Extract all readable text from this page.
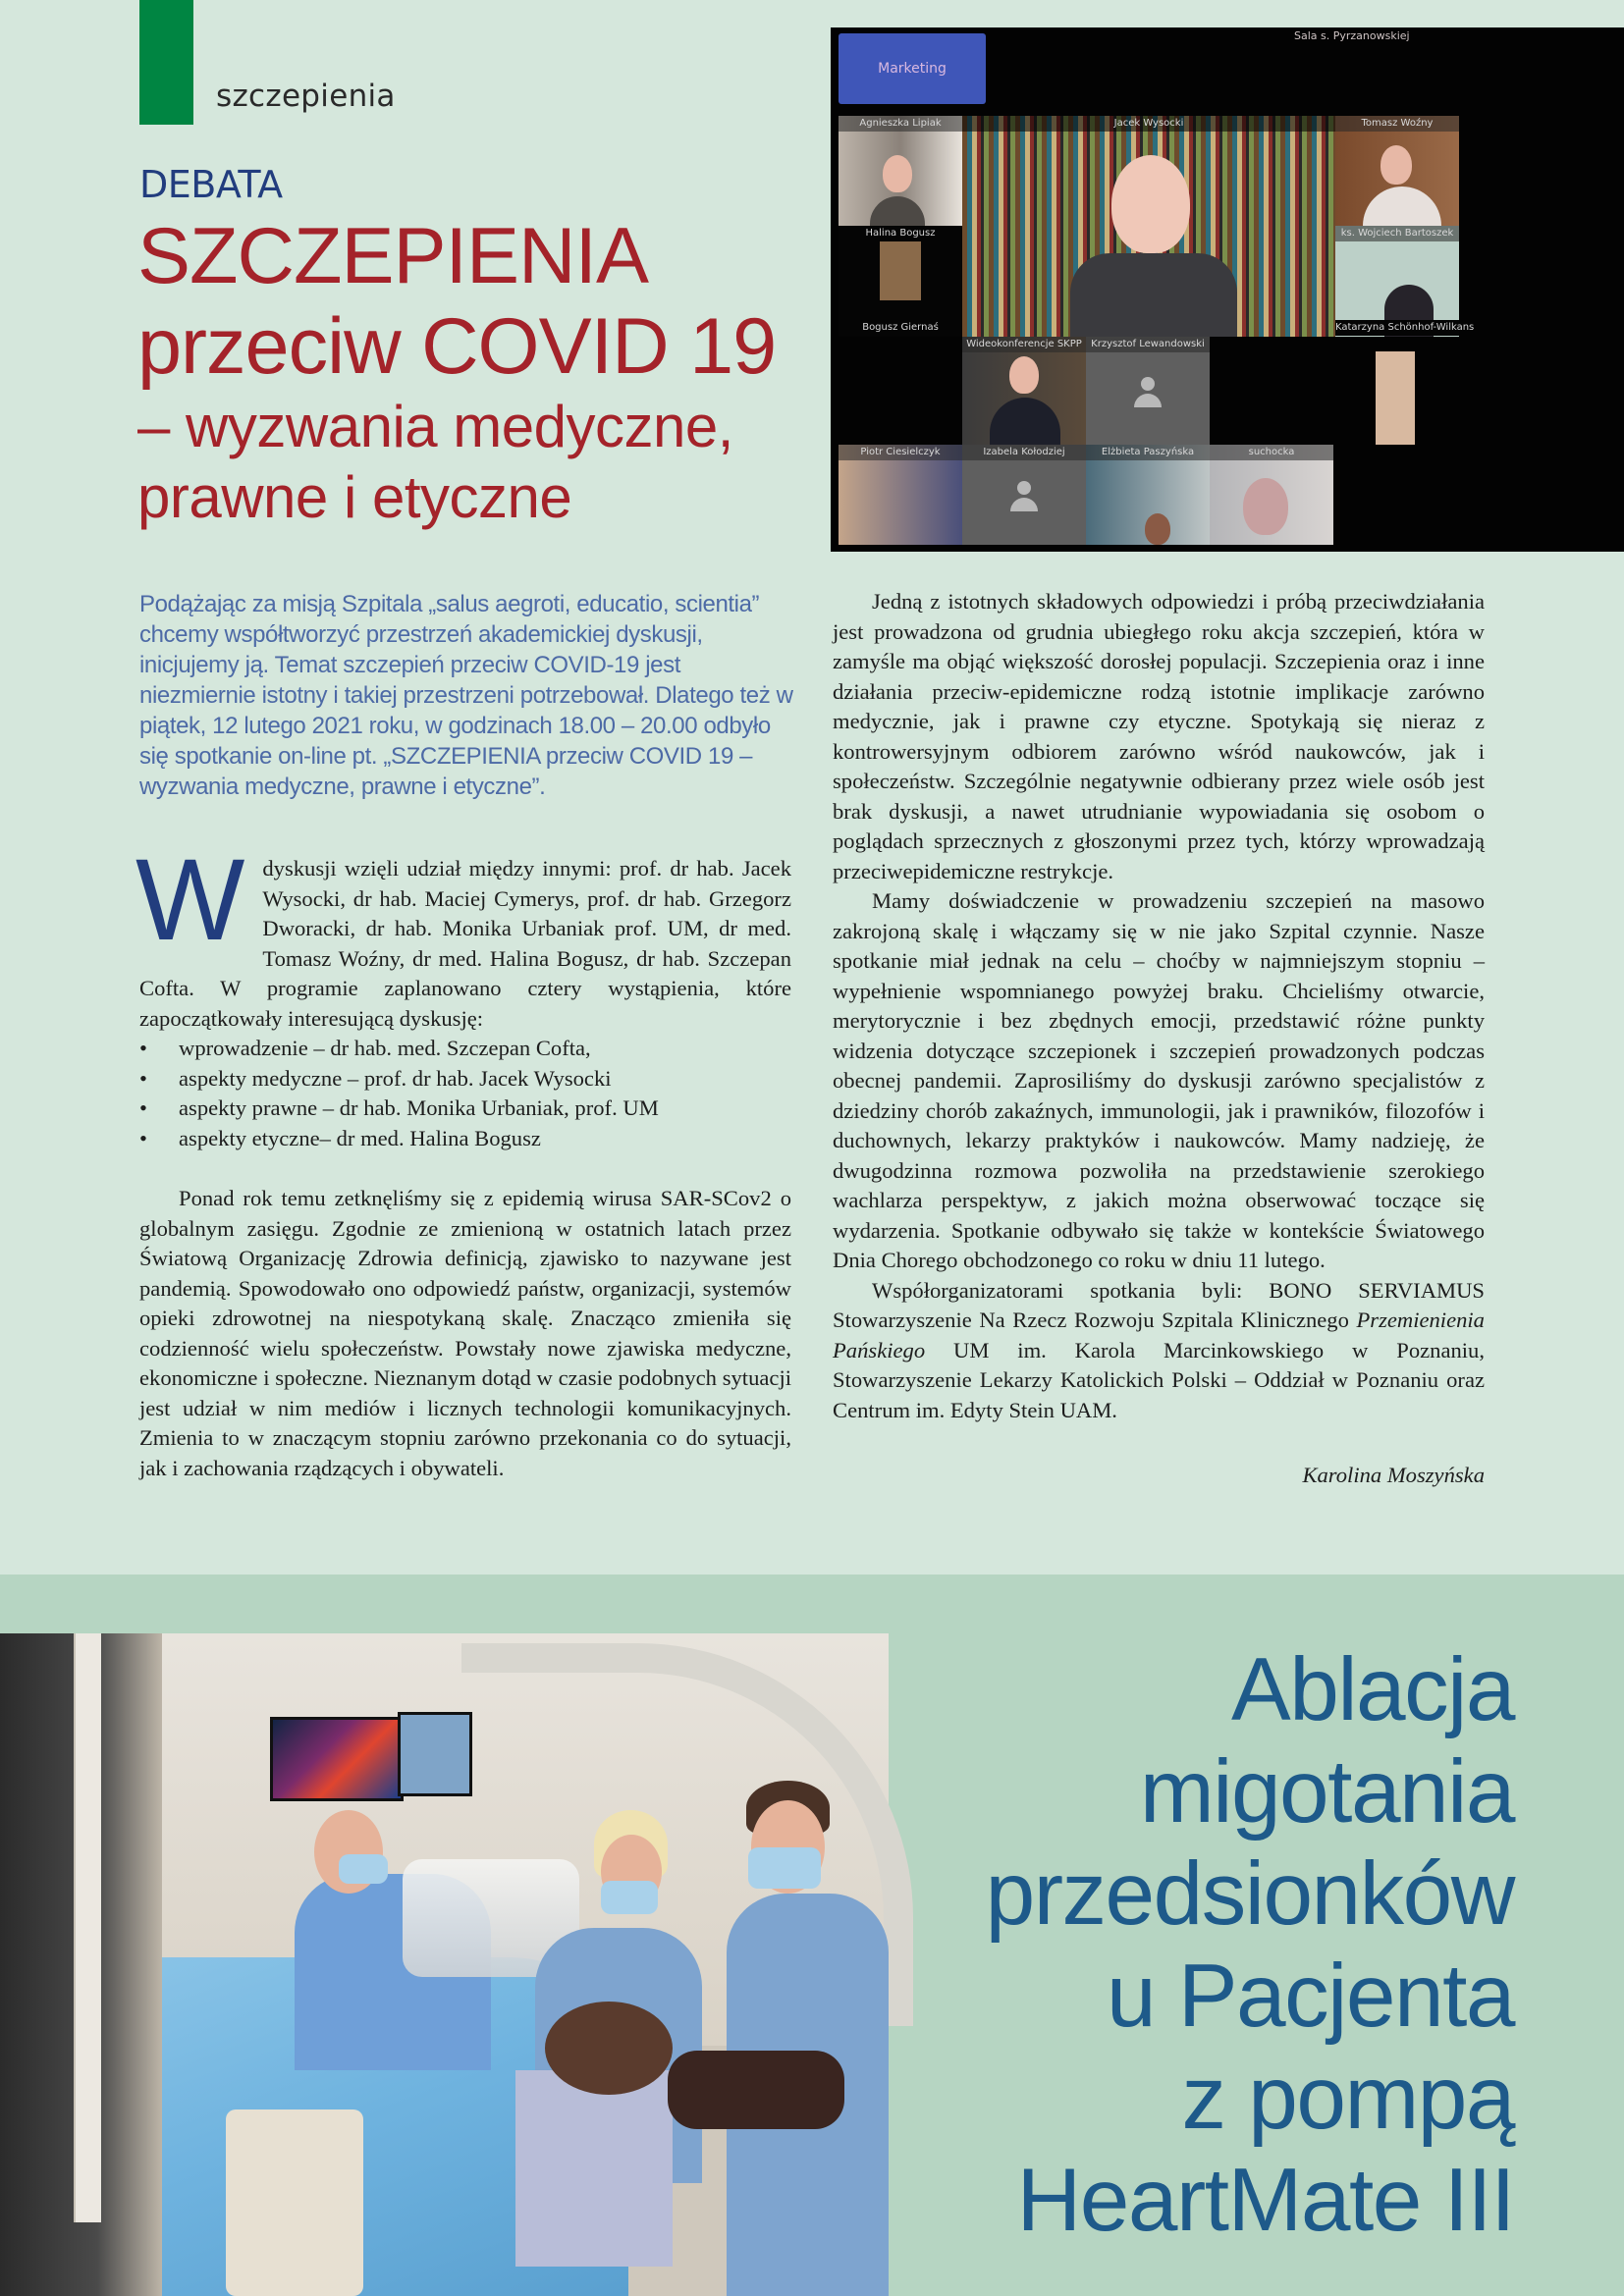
szczepienia
DEBATA
SZCZEPIENIA
przeciw COVID 19
– wyzwania medyczne,
prawne i etyczne
Sala s. Pyrzanowskiej
Marketing
Agnieszka Lipiak	Jacek Wysocki	Tomasz Woźny
Halina Bogusz
Bogusz Giernaś
ks. Wojciech Bartoszek
Katarzyna Schönhof-Wilkans
Wideokonferencje SKPP Krzysztof Lewandowski
Piotr Ciesielczyk	Izabela Kołodziej	Elżbieta Paszyńska	suchocka
Podążając za misją Szpitala „salus aegroti, educatio, scientia” chcemy współtworzyć przestrzeń akademickiej dyskusji, inicjujemy ją. Temat szczepień przeciw COVID-19 jest niezmiernie istotny i takiej przestrzeni potrzebował. Dlatego też w piątek, 12 lutego 2021 roku, w godzinach 18.00 – 20.00 odbyło się spotkanie on-line pt. „SZCZEPIENIA przeciw COVID 19 – wyzwania medyczne, prawne i etyczne”.
W dyskusji wzięli udział między innymi: prof. dr hab. Jacek Wysocki, dr hab. Maciej Cymerys, prof. dr hab. Grzegorz Dworacki, dr hab. Monika Urbaniak prof. UM, dr med. Tomasz Woźny, dr med. Halina Bogusz, dr hab. Szczepan Cofta. W programie zaplanowano cztery wystąpienia, które zapoczątkowały interesującą dyskusję:

• wprowadzenie – dr hab. med. Szczepan Cofta,
• aspekty medyczne – prof. dr hab. Jacek Wysocki
• aspekty prawne – dr hab. Monika Urbaniak, prof. UM
• aspekty etyczne– dr med. Halina Bogusz

Ponad rok temu zetknęliśmy się z epidemią wirusa SAR-SCov2 o globalnym zasięgu. Zgodnie ze zmienioną w ostatnich latach przez Światową Organizację Zdrowia definicją, zjawisko to nazywane jest pandemią. Spowodowało ono odpowiedź państw, organizacji, systemów opieki zdrowotnej na niespotykaną skalę. Znacząco zmieniła się codzienność wielu społeczeństw. Powstały nowe zjawiska medyczne, ekonomiczne i społeczne. Nieznanym dotąd w czasie podobnych sytuacji jest udział w nim mediów i licznych technologii komunikacyjnych. Zmienia to w znaczącym stopniu zarówno przekonania co do sytuacji, jak i zachowania rządzących i obywateli.

Jedną z istotnych składowych odpowiedzi i próbą przeciwdziałania jest prowadzona od grudnia ubiegłego roku akcja szczepień, która w zamyśle ma objąć większość dorosłej populacji. Szczepienia oraz i inne działania przeciw-epidemiczne rodzą istotnie implikacje zarówno medycznie, jak i prawne czy etyczne. Spotykają się nieraz z kontrowersyjnym odbiorem zarówno wśród naukowców, jak i społeczeństw. Szczególnie negatywnie odbierany przez wiele osób jest brak dyskusji, a nawet utrudnianie wypowiadania się osobom o poglądach sprzecznych z głoszonymi przez tych, którzy wprowadzają przeciwepidemiczne restrykcje.

Mamy doświadczenie w prowadzeniu szczepień na masowo zakrojoną skalę i włączamy się w nie jako Szpital czynnie. Nasze spotkanie miał jednak na celu – choćby w najmniejszym stopniu – wypełnienie wspomnianego powyżej braku. Chcieliśmy otwarcie, merytorycznie i bez zbędnych emocji, przedstawić różne punkty widzenia dotyczące szczepionek i szczepień prowadzonych podczas obecnej pandemii. Zaprosiliśmy do dyskusji zarówno specjalistów z dziedziny chorób zakaźnych, immunologii, jak i prawników, filozofów i duchownych, lekarzy praktyków i naukowców. Mamy nadzieję, że dwugodzinna rozmowa pozwoliła na przedstawienie szerokiego wachlarza perspektyw, z jakich można obserwować toczące się wydarzenia. Spotkanie odbywało się także w kontekście Światowego Dnia Chorego obchodzonego co roku w dniu 11 lutego.

Współorganizatorami spotkania byli: BONO SERVIAMUS Stowarzyszenie Na Rzecz Rozwoju Szpitala Klinicznego Przemienienia Pańskiego UM im. Karola Marcinkowskiego w Poznaniu, Stowarzyszenie Lekarzy Katolickich Polski – Oddział w Poznaniu oraz Centrum im. Edyty Stein UAM.

Karolina Moszyńska

Ablacja
migotania
przedsionków
u Pacjenta
z pompą
HeartMate III
